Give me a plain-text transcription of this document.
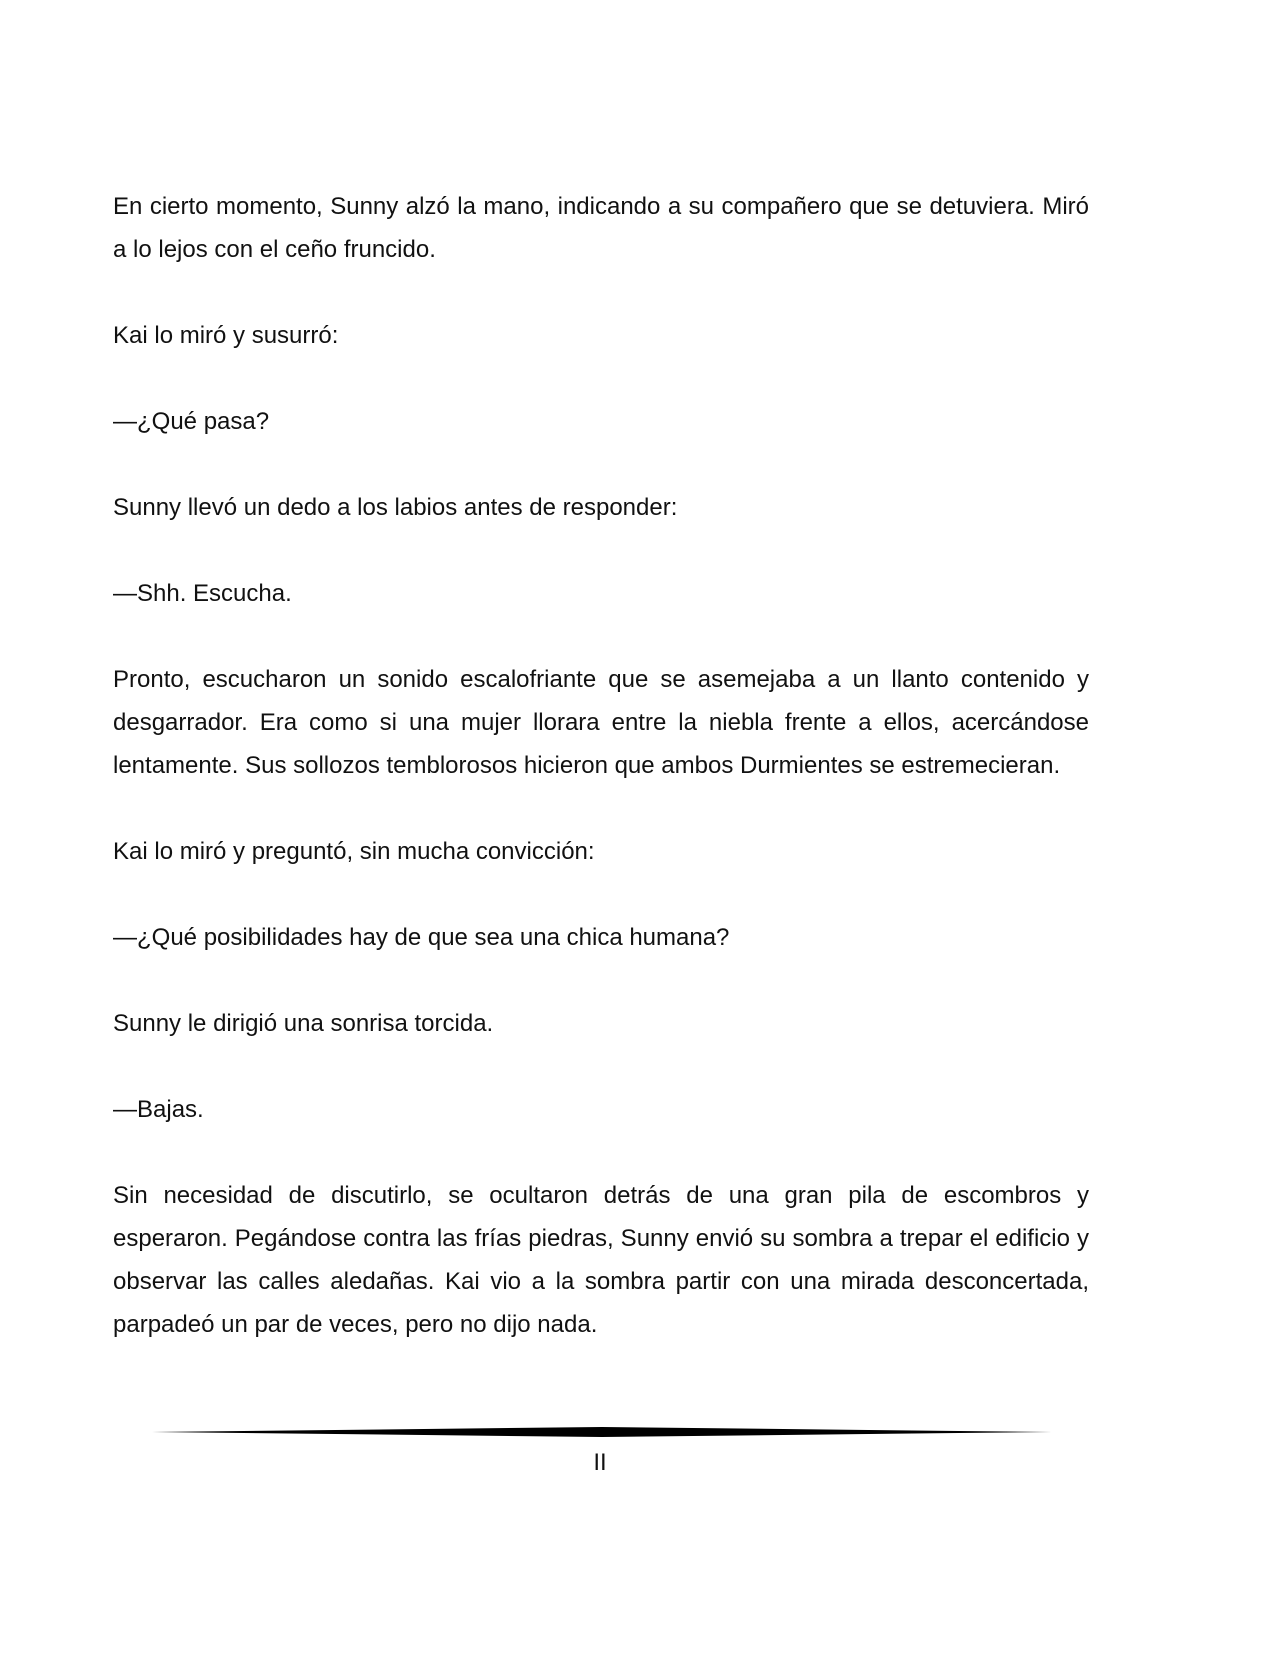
En cierto momento, Sunny alzó la mano, indicando a su compañero que se detuviera. Miró a lo lejos con el ceño fruncido.

Kai lo miró y susurró:

—¿Qué pasa?

Sunny llevó un dedo a los labios antes de responder:

—Shh. Escucha.

Pronto, escucharon un sonido escalofriante que se asemejaba a un llanto contenido y desgarrador. Era como si una mujer llorara entre la niebla frente a ellos, acercándose lentamente. Sus sollozos temblorosos hicieron que ambos Durmientes se estremecieran.

Kai lo miró y preguntó, sin mucha convicción:

—¿Qué posibilidades hay de que sea una chica humana?

Sunny le dirigió una sonrisa torcida.

—Bajas.

Sin necesidad de discutirlo, se ocultaron detrás de una gran pila de escombros y esperaron. Pegándose contra las frías piedras, Sunny envió su sombra a trepar el edificio y observar las calles aledañas. Kai vio a la sombra partir con una mirada desconcertada, parpadeó un par de veces, pero no dijo nada.

II
